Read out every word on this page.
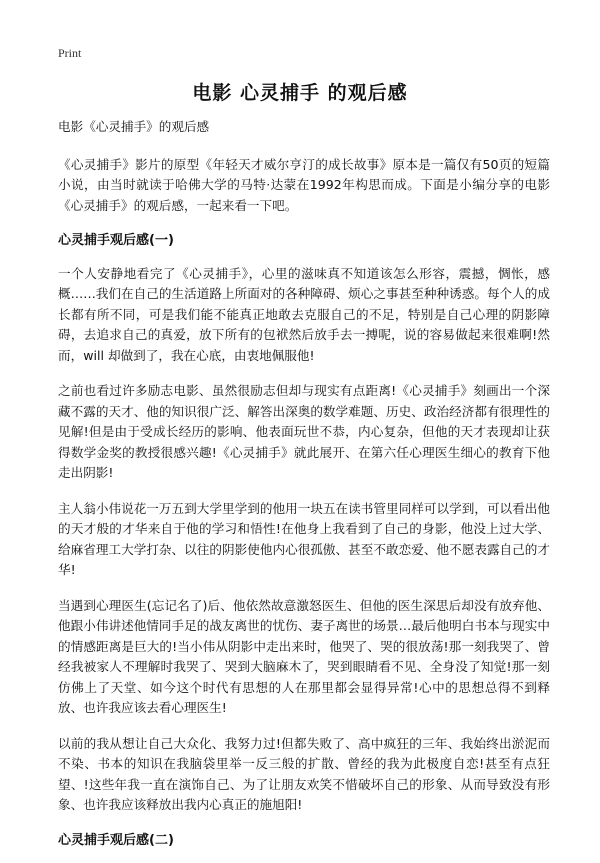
Print
电影 心灵捕手 的观后感

电影《心灵捕手》的观后感

《心灵捕手》影片的原型《年轻天才威尔亨汀的成长故事》原本是一篇仅有50页的短篇小说，由当时就读于哈佛大学的马特·达蒙在1992年构思而成。下面是小编分享的电影《心灵捕手》的观后感，一起来看一下吧。

心灵捕手观后感(一)

一个人安静地看完了《心灵捕手》，心里的滋味真不知道该怎么形容，震撼，惆怅，感概……我们在自己的生活道路上所面对的各种障碍、烦心之事甚至种种诱惑。每个人的成长都有所不同，可是我们能不能真正地敢去克服自己的不足，特别是自己心理的阴影障碍，去追求自己的真爱，放下所有的包袱然后放手去一搏呢，说的容易做起来很难啊!然而，will 却做到了，我在心底，由衷地佩服他!

之前也看过许多励志电影、虽然很励志但却与现实有点距离!《心灵捕手》刻画出一个深藏不露的天才、他的知识很广泛、解答出深奥的数学难题、历史、政治经济都有很理性的见解!但是由于受成长经历的影响、他表面玩世不恭，内心复杂，但他的天才表现却让获得数学金奖的教授很感兴趣!《心灵捕手》就此展开、在第六任心理医生细心的教育下他走出阴影!

主人翁小伟说花一万五到大学里学到的他用一块五在读书管里同样可以学到，可以看出他的天才般的才华来自于他的学习和悟性!在他身上我看到了自己的身影，他没上过大学、给麻省理工大学打杂、以往的阴影使他内心很孤傲、甚至不敢恋爱、他不愿表露自己的才华!

当遇到心理医生(忘记名了)后、他依然故意激怒医生、但他的医生深思后却没有放弃他、他跟小伟讲述他情同手足的战友离世的忧伤、妻子离世的场景…最后他明白书本与现实中的情感距离是巨大的!当小伟从阴影中走出来时，他哭了、哭的很放荡!那一刻我哭了、曾经我被家人不理解时我哭了、哭到大脑麻木了，哭到眼睛看不见、全身没了知觉!那一刻仿佛上了天堂、如今这个时代有思想的人在那里都会显得异常!心中的思想总得不到释放、也许我应该去看心理医生!

以前的我从想让自己大众化、我努力过!但都失败了、高中疯狂的三年、我始终出淤泥而不染、书本的知识在我脑袋里举一反三般的扩散、曾经的我为此极度自恋!甚至有点狂望、!这些年我一直在演饰自己、为了让朋友欢笑不惜破坏自己的形象、从而导致没有形象、也许我应该释放出我内心真正的施旭阳!

心灵捕手观后感(二)
